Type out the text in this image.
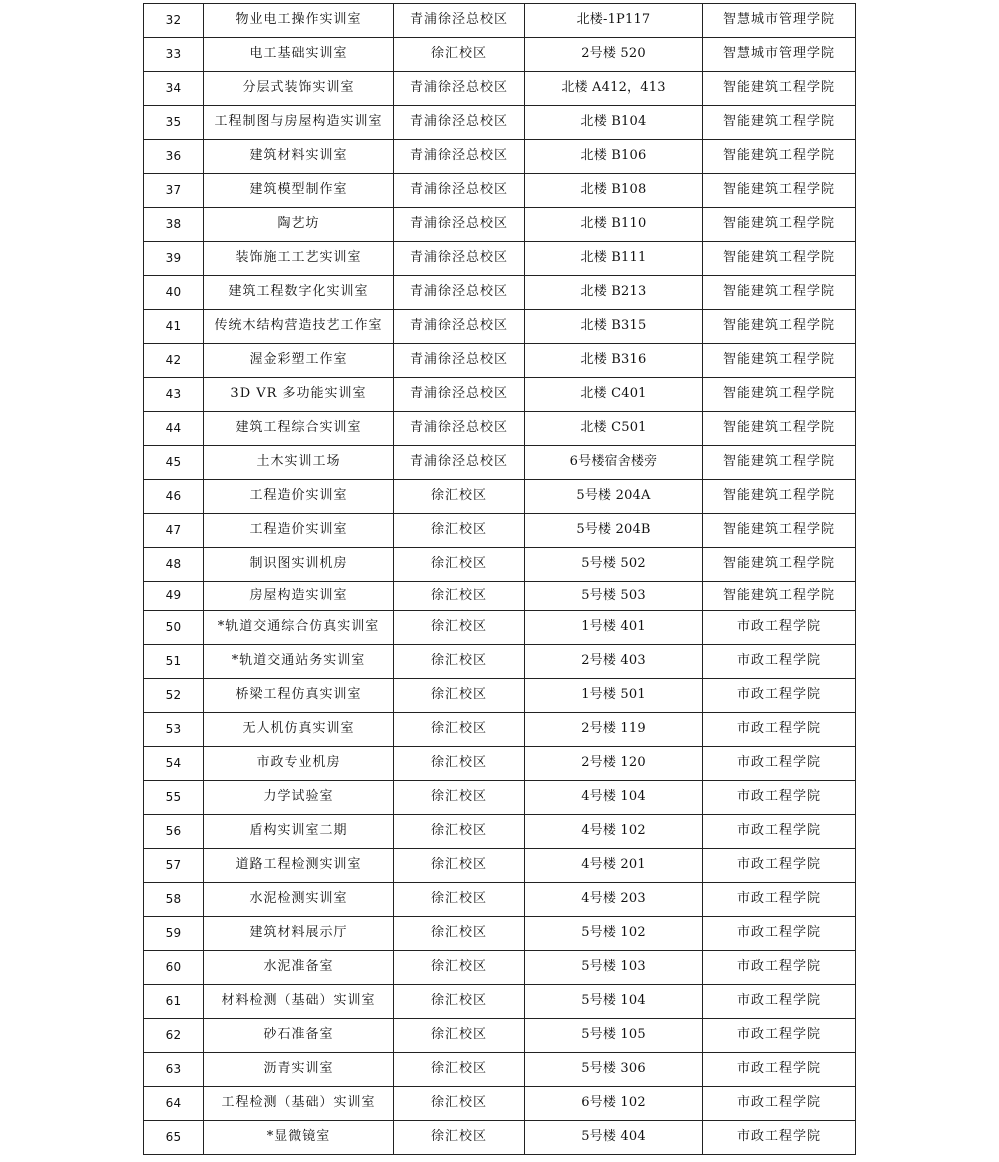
32	物业电工操作实训室	青浦徐泾总校区	北楼-1P117	智慧城市管理学院
33	电工基础实训室	徐汇校区	2号楼 520	智慧城市管理学院
34	分层式装饰实训室	青浦徐泾总校区	北楼 A412，413	智能建筑工程学院
35	工程制图与房屋构造实训室	青浦徐泾总校区	北楼 B104	智能建筑工程学院
36	建筑材料实训室	青浦徐泾总校区	北楼 B106	智能建筑工程学院
37	建筑模型制作室	青浦徐泾总校区	北楼 B108	智能建筑工程学院
38	陶艺坊	青浦徐泾总校区	北楼 B110	智能建筑工程学院
39	装饰施工工艺实训室	青浦徐泾总校区	北楼 B111	智能建筑工程学院
40	建筑工程数字化实训室	青浦徐泾总校区	北楼 B213	智能建筑工程学院
41	传统木结构营造技艺工作室	青浦徐泾总校区	北楼 B315	智能建筑工程学院
42	渥金彩塑工作室	青浦徐泾总校区	北楼 B316	智能建筑工程学院
43	3D VR 多功能实训室	青浦徐泾总校区	北楼 C401	智能建筑工程学院
44	建筑工程综合实训室	青浦徐泾总校区	北楼 C501	智能建筑工程学院
45	土木实训工场	青浦徐泾总校区	6号楼宿舍楼旁	智能建筑工程学院
46	工程造价实训室	徐汇校区	5号楼 204A	智能建筑工程学院
47	工程造价实训室	徐汇校区	5号楼 204B	智能建筑工程学院
48	制识图实训机房	徐汇校区	5号楼 502	智能建筑工程学院
49	房屋构造实训室	徐汇校区	5号楼 503	智能建筑工程学院
50	*轨道交通综合仿真实训室	徐汇校区	1号楼 401	市政工程学院
51	*轨道交通站务实训室	徐汇校区	2号楼 403	市政工程学院
52	桥梁工程仿真实训室	徐汇校区	1号楼 501	市政工程学院
53	无人机仿真实训室	徐汇校区	2号楼 119	市政工程学院
54	市政专业机房	徐汇校区	2号楼 120	市政工程学院
55	力学试验室	徐汇校区	4号楼 104	市政工程学院
56	盾构实训室二期	徐汇校区	4号楼 102	市政工程学院
57	道路工程检测实训室	徐汇校区	4号楼 201	市政工程学院
58	水泥检测实训室	徐汇校区	4号楼 203	市政工程学院
59	建筑材料展示厅	徐汇校区	5号楼 102	市政工程学院
60	水泥准备室	徐汇校区	5号楼 103	市政工程学院
61	材料检测（基础）实训室	徐汇校区	5号楼 104	市政工程学院
62	砂石准备室	徐汇校区	5号楼 105	市政工程学院
63	沥青实训室	徐汇校区	5号楼 306	市政工程学院
64	工程检测（基础）实训室	徐汇校区	6号楼 102	市政工程学院
65	*显微镜室	徐汇校区	5号楼 404	市政工程学院
